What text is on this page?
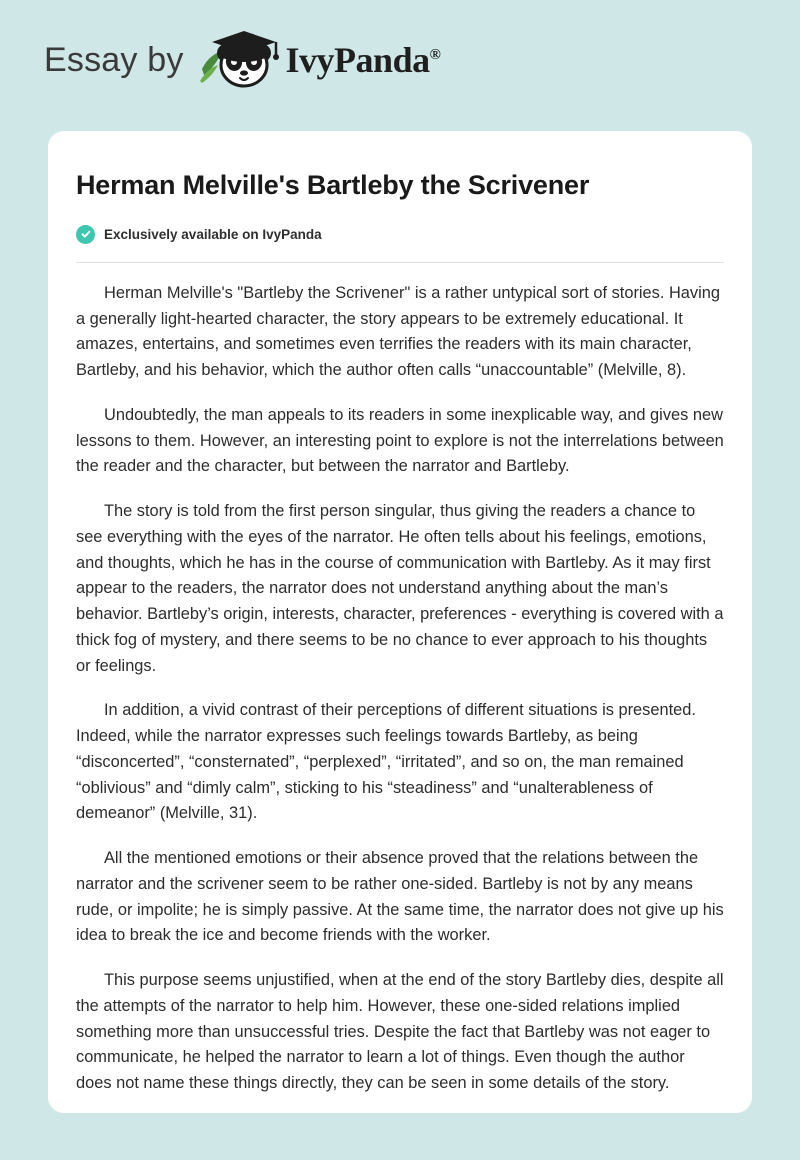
Essay by	IvyPanda®
Herman Melville's Bartleby the Scrivener
Exclusively available on IvyPanda

Herman Melville's "Bartleby the Scrivener" is a rather untypical sort of stories. Having a generally light-hearted character, the story appears to be extremely educational. It amazes, entertains, and sometimes even terrifies the readers with its main character, Bartleby, and his behavior, which the author often calls “unaccountable” (Melville, 8).

Undoubtedly, the man appeals to its readers in some inexplicable way, and gives new lessons to them. However, an interesting point to explore is not the interrelations between the reader and the character, but between the narrator and Bartleby.

The story is told from the first person singular, thus giving the readers a chance to see everything with the eyes of the narrator. He often tells about his feelings, emotions, and thoughts, which he has in the course of communication with Bartleby. As it may first appear to the readers, the narrator does not understand anything about the man’s behavior. Bartleby’s origin, interests, character, preferences - everything is covered with a thick fog of mystery, and there seems to be no chance to ever approach to his thoughts or feelings.

In addition, a vivid contrast of their perceptions of different situations is presented. Indeed, while the narrator expresses such feelings towards Bartleby, as being “disconcerted”, “consternated”, “perplexed”, “irritated”, and so on, the man remained “oblivious” and “dimly calm”, sticking to his “steadiness” and “unalterableness of demeanor” (Melville, 31).

All the mentioned emotions or their absence proved that the relations between the narrator and the scrivener seem to be rather one-sided. Bartleby is not by any means rude, or impolite; he is simply passive. At the same time, the narrator does not give up his idea to break the ice and become friends with the worker.

This purpose seems unjustified, when at the end of the story Bartleby dies, despite all the attempts of the narrator to help him. However, these one-sided relations implied something more than unsuccessful tries. Despite the fact that Bartleby was not eager to communicate, he helped the narrator to learn a lot of things. Even though the author does not name these things directly, they can be seen in some details of the story.
